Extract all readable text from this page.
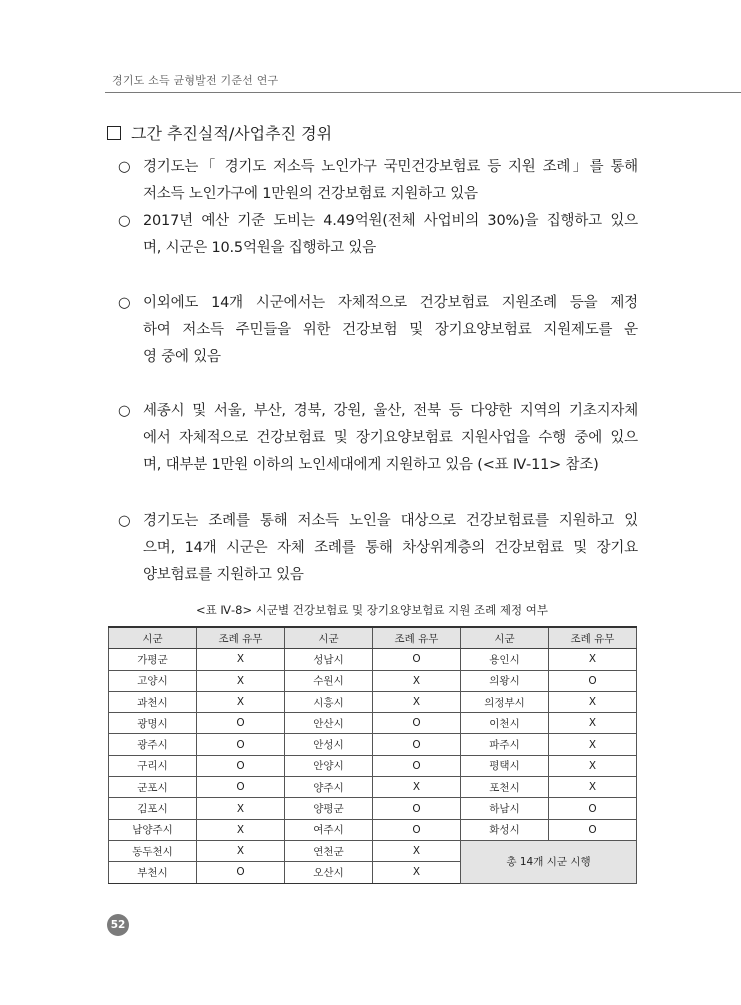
경기도 소득 균형발전 기준선 연구
그간 추진실적/사업추진 경위
○ 경기도는「 경기도 저소득 노인가구 국민건강보험료 등 지원 조례」를 통해
저소득 노인가구에 1만원의 건강보험료 지원하고 있음
○ 2017년 예산 기준 도비는 4.49억원(전체 사업비의 30%)을 집행하고 있으
며, 시군은 10.5억원을 집행하고 있음
○ 이외에도 14개 시군에서는 자체적으로 건강보험료 지원조례 등을 제정
하여 저소득 주민들을 위한 건강보험 및 장기요양보험료 지원제도를 운
영 중에 있음
○ 세종시 및 서울, 부산, 경북, 강원, 울산, 전북 등 다양한 지역의 기초지자체
에서 자체적으로 건강보험료 및 장기요양보험료 지원사업을 수행 중에 있으
며, 대부분 1만원 이하의 노인세대에게 지원하고 있음 (<표 Ⅳ-11> 참조)
○ 경기도는 조례를 통해 저소득 노인을 대상으로 건강보험료를 지원하고 있
으며, 14개 시군은 자체 조례를 통해 차상위계층의 건강보험료 및 장기요
양보험료를 지원하고 있음
<표 Ⅳ-8> 시군별 건강보험료 및 장기요양보험료 지원 조례 제정 여부
시군	조례 유무	시군	조례 유무	시군	조례 유무
가평군	X	성남시	O	용인시	X
고양시	X	수원시	X	의왕시	O
과천시	X	시흥시	X	의정부시	X
광명시	O	안산시	O	이천시	X
광주시	O	안성시	O	파주시	X
구리시	O	안양시	O	평택시	X
군포시	O	양주시	X	포천시	X
김포시	X	양평군	O	하남시	O
남양주시	X	여주시	O	화성시	O
동두천시	X	연천군	X	총 14개 시군 시행	
부천시	O	오산시	X		
52
